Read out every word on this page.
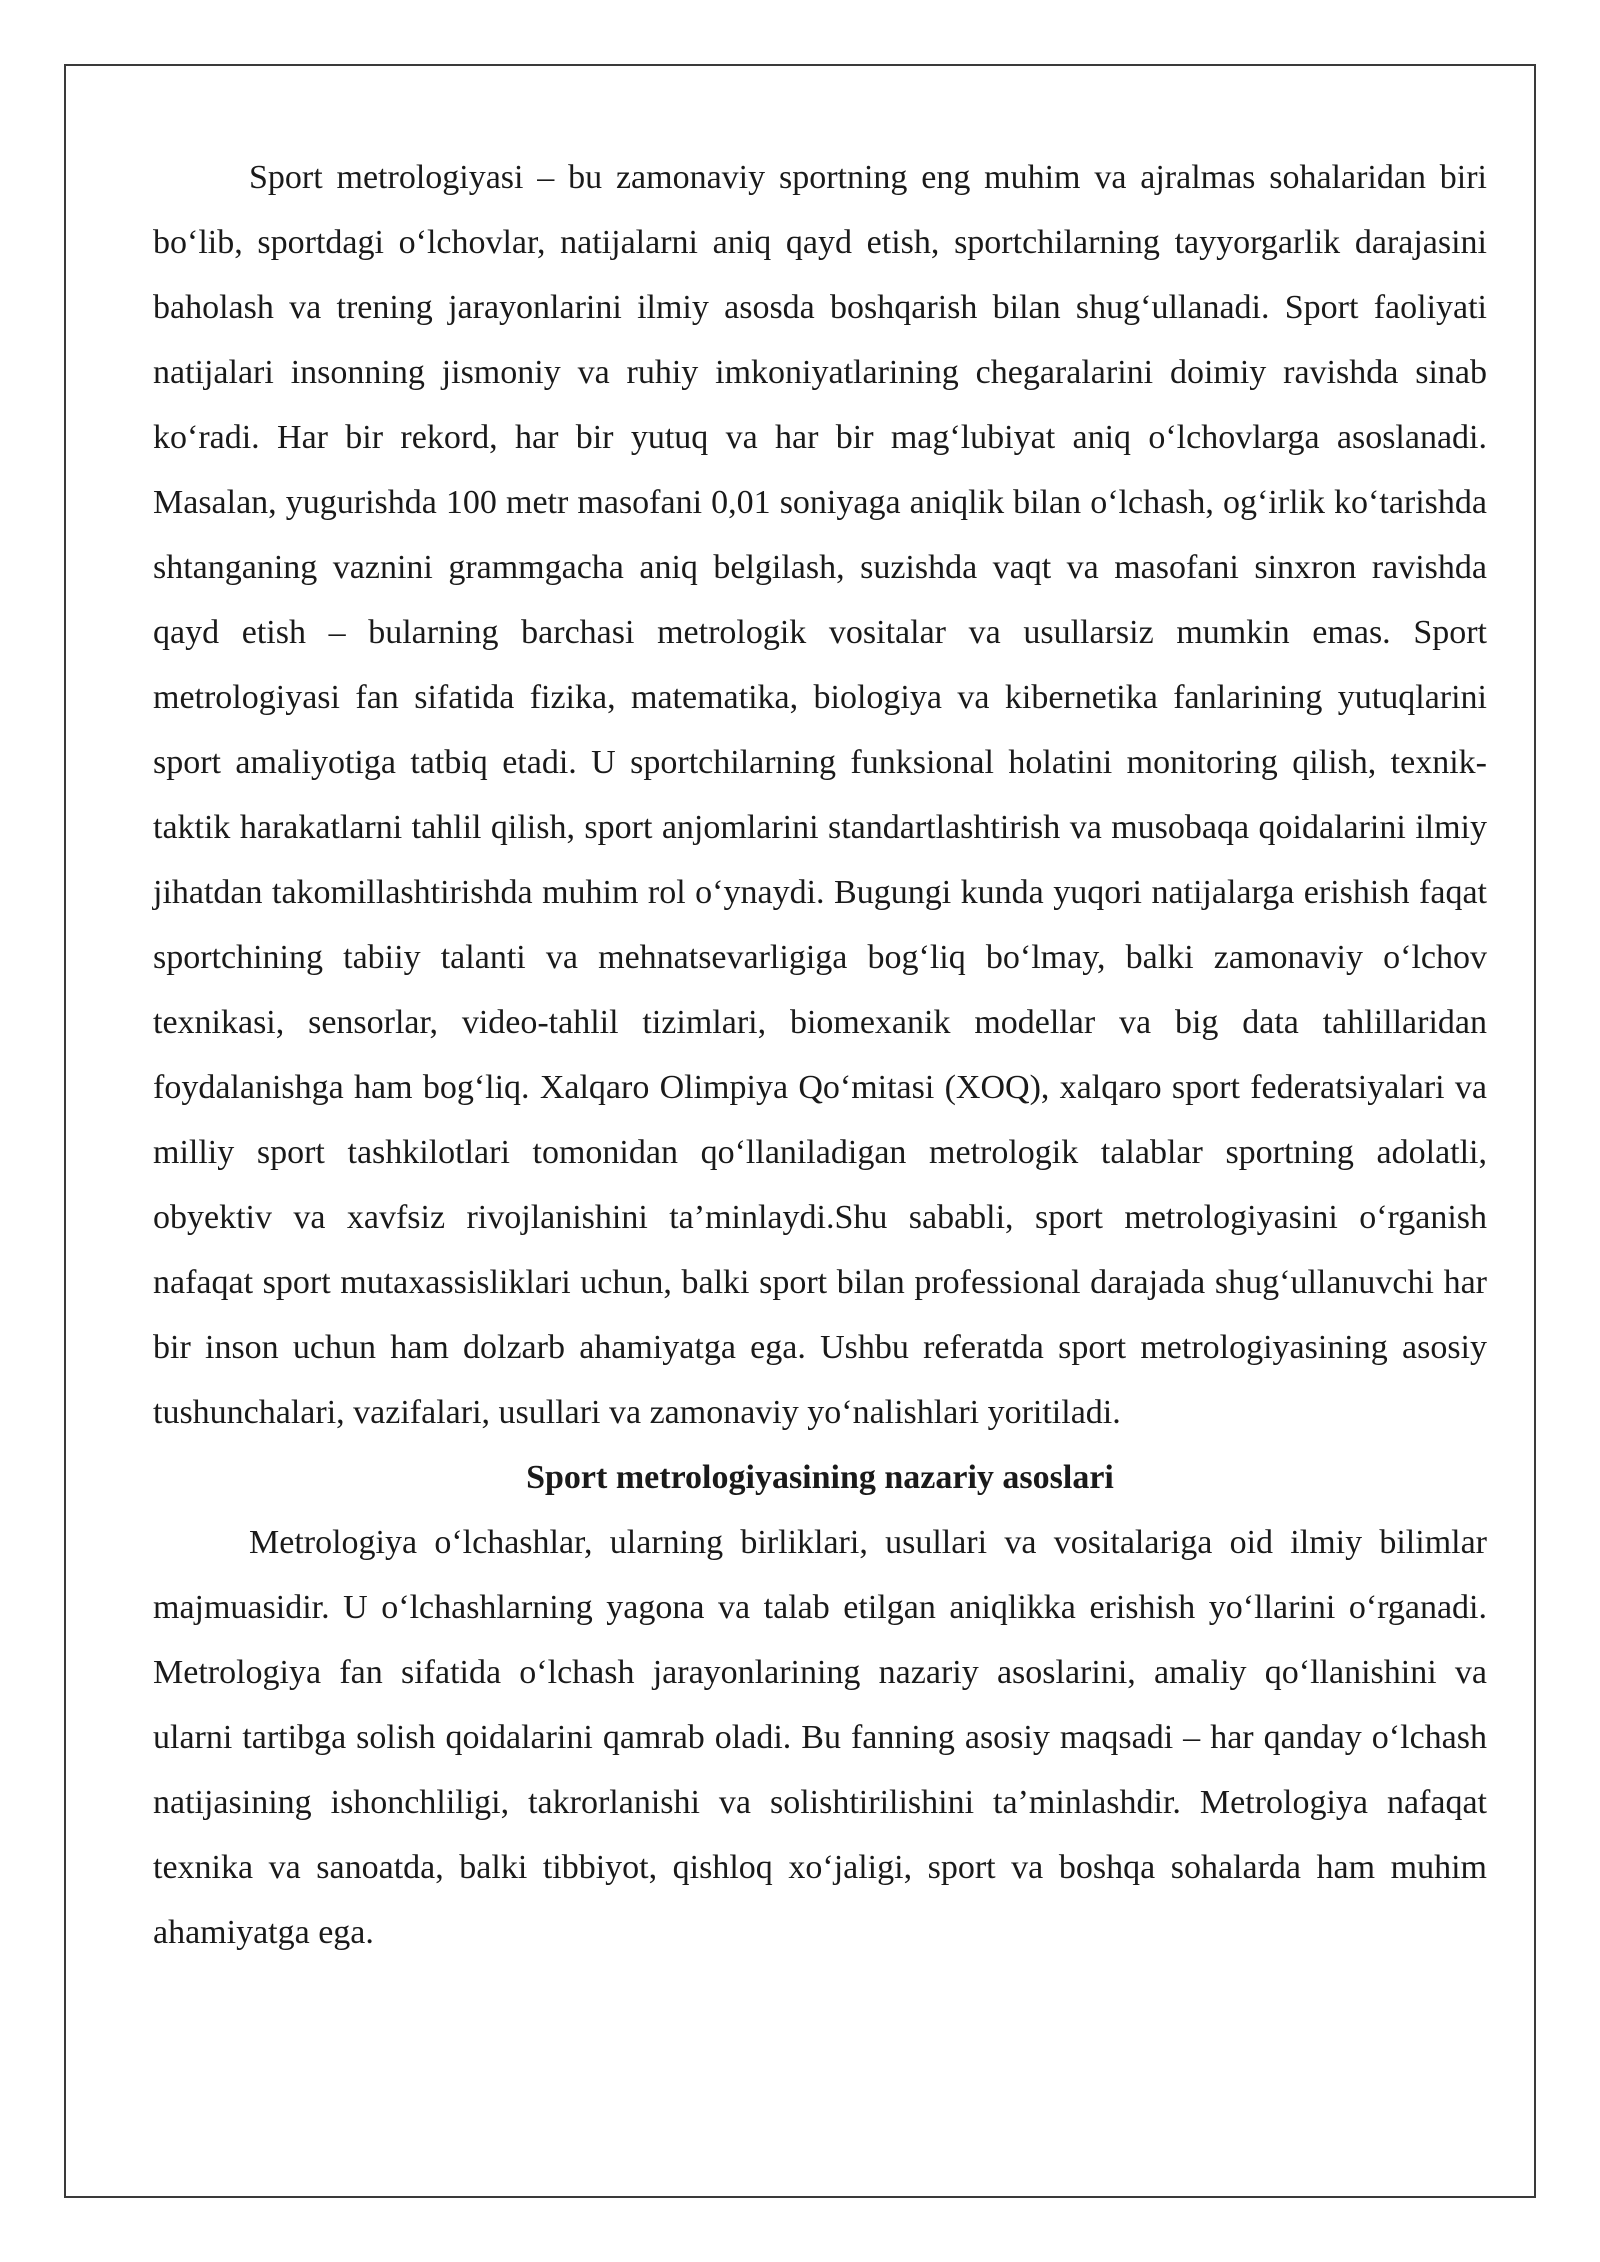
Sport metrologiyasi – bu zamonaviy sportning eng muhim va ajralmas sohalaridan biri bo‘lib, sportdagi o‘lchovlar, natijalarni aniq qayd etish, sportchilarning tayyorgarlik darajasini baholash va trening jarayonlarini ilmiy asosda boshqarish bilan shug‘ullanadi. Sport faoliyati natijalari insonning jismoniy va ruhiy imkoniyatlarining chegaralarini doimiy ravishda sinab ko‘radi. Har bir rekord, har bir yutuq va har bir mag‘lubiyat aniq o‘lchovlarga asoslanadi. Masalan, yugurishda 100 metr masofani 0,01 soniyaga aniqlik bilan o‘lchash, og‘irlik ko‘tarishda shtanganing vaznini grammgacha aniq belgilash, suzishda vaqt va masofani sinxron ravishda qayd etish – bularning barchasi metrologik vositalar va usullarsiz mumkin emas. Sport metrologiyasi fan sifatida fizika, matematika, biologiya va kibernetika fanlarining yutuqlarini sport amaliyotiga tatbiq etadi. U sportchilarning funksional holatini monitoring qilish, texnik-taktik harakatlarni tahlil qilish, sport anjomlarini standartlashtirish va musobaqa qoidalarini ilmiy jihatdan takomillashtirishda muhim rol o‘ynaydi. Bugungi kunda yuqori natijalarga erishish faqat sportchining tabiiy talanti va mehnatsevarligiga bog‘liq bo‘lmay, balki zamonaviy o‘lchov texnikasi, sensorlar, video-tahlil tizimlari, biomexanik modellar va big data tahlillaridan foydalanishga ham bog‘liq. Xalqaro Olimpiya Qo‘mitasi (XOQ), xalqaro sport federatsiyalari va milliy sport tashkilotlari tomonidan qo‘llaniladigan metrologik talablar sportning adolatli, obyektiv va xavfsiz rivojlanishini ta’minlaydi.Shu sababli, sport metrologiyasini o‘rganish nafaqat sport mutaxassisliklari uchun, balki sport bilan professional darajada shug‘ullanuvchi har bir inson uchun ham dolzarb ahamiyatga ega. Ushbu referatda sport metrologiyasining asosiy tushunchalari, vazifalari, usullari va zamonaviy yo‘nalishlari yoritiladi.

Sport metrologiyasining nazariy asoslari

Metrologiya o‘lchashlar, ularning birliklari, usullari va vositalariga oid ilmiy bilimlar majmuasidir. U o‘lchashlarning yagona va talab etilgan aniqlikka erishish yo‘llarini o‘rganadi. Metrologiya fan sifatida o‘lchash jarayonlarining nazariy asoslarini, amaliy qo‘llanishini va ularni tartibga solish qoidalarini qamrab oladi. Bu fanning asosiy maqsadi – har qanday o‘lchash natijasining ishonchliligi, takrorlanishi va solishtirilishini ta’minlashdir. Metrologiya nafaqat texnika va sanoatda, balki tibbiyot, qishloq xo‘jaligi, sport va boshqa sohalarda ham muhim ahamiyatga ega.
